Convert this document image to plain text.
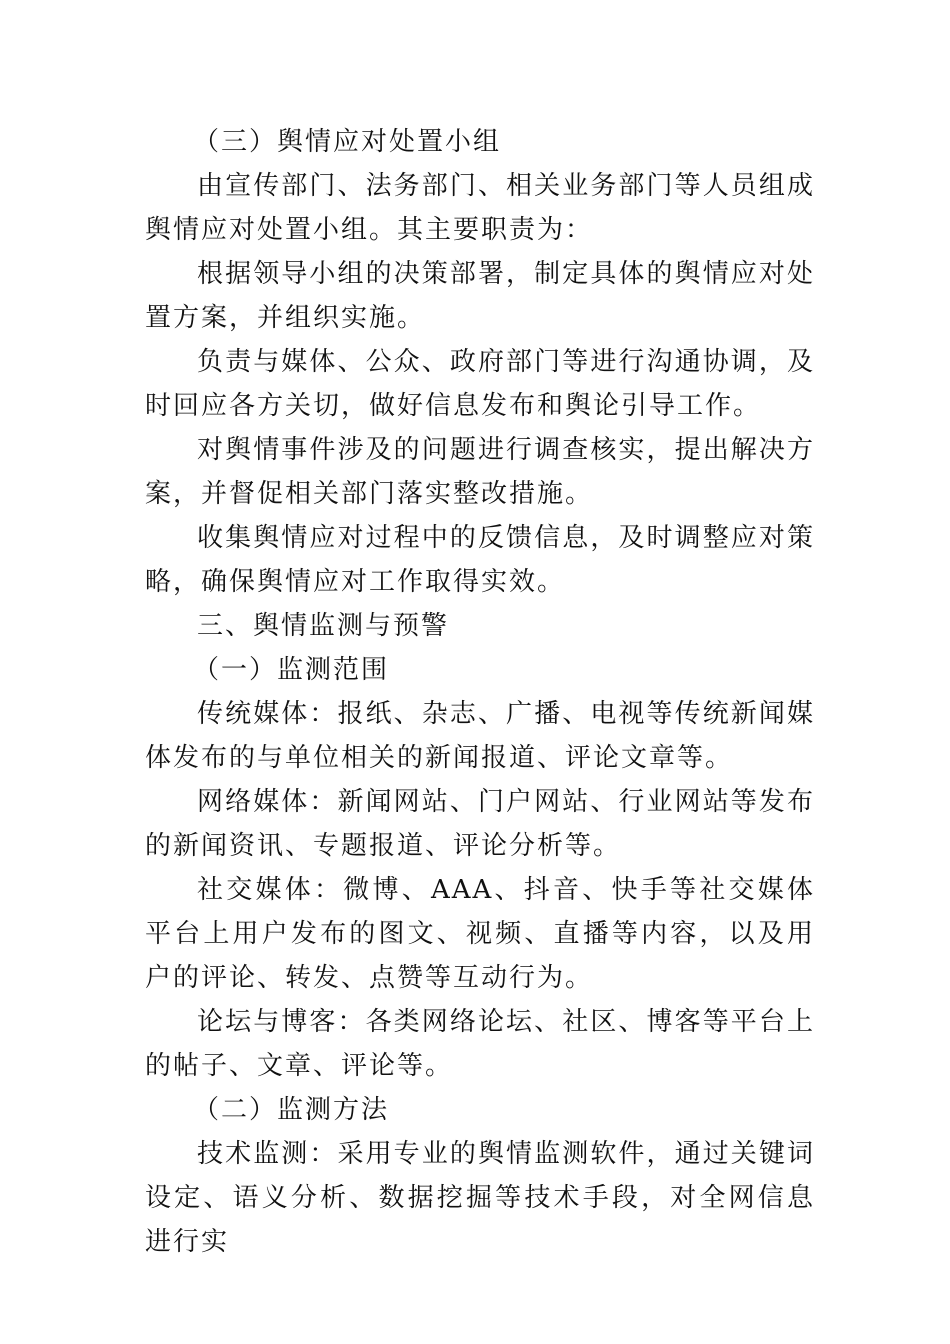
（三）舆情应对处置小组

由宣传部门、法务部门、相关业务部门等人员组成舆情应对处置小组。其主要职责为：

根据领导小组的决策部署，制定具体的舆情应对处置方案，并组织实施。

负责与媒体、公众、政府部门等进行沟通协调，及时回应各方关切，做好信息发布和舆论引导工作。

对舆情事件涉及的问题进行调查核实，提出解决方案，并督促相关部门落实整改措施。

收集舆情应对过程中的反馈信息，及时调整应对策略，确保舆情应对工作取得实效。

三、舆情监测与预警

（一）监测范围

传统媒体：报纸、杂志、广播、电视等传统新闻媒体发布的与单位相关的新闻报道、评论文章等。

网络媒体：新闻网站、门户网站、行业网站等发布的新闻资讯、专题报道、评论分析等。

社交媒体：微博、AAA、抖音、快手等社交媒体平台上用户发布的图文、视频、直播等内容，以及用户的评论、转发、点赞等互动行为。

论坛与博客：各类网络论坛、社区、博客等平台上的帖子、文章、评论等。

（二）监测方法

技术监测：采用专业的舆情监测软件，通过关键词设定、语义分析、数据挖掘等技术手段，对全网信息进行实
